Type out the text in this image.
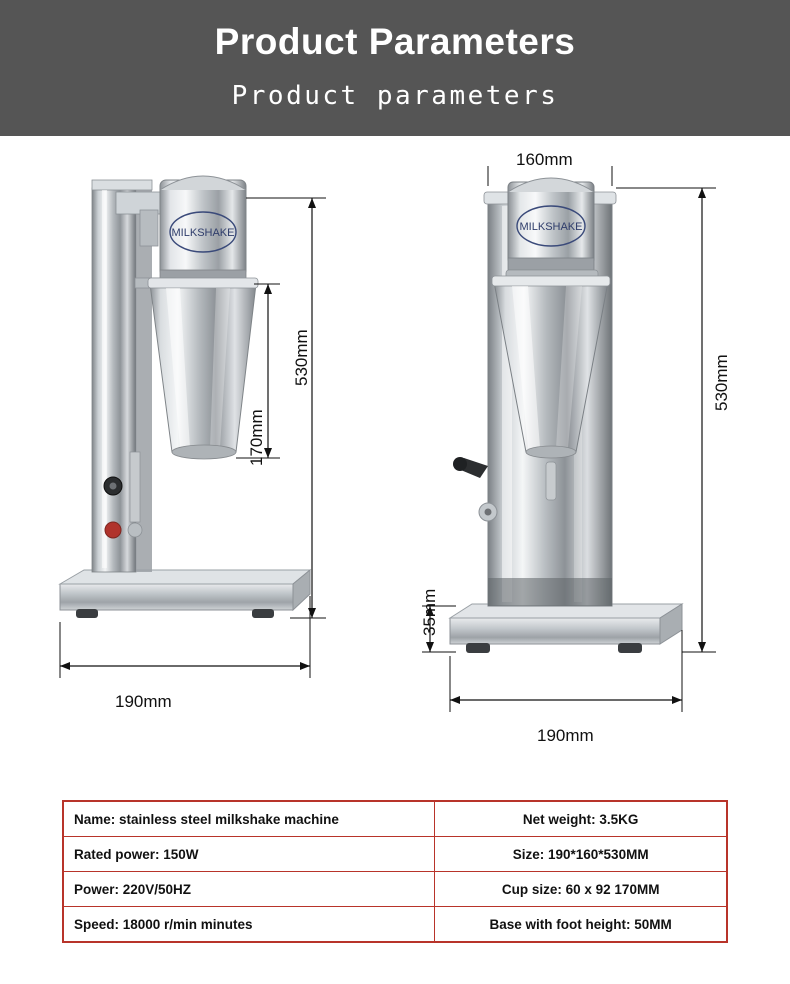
Product Parameters
Product parameters
MILKSHAKE
530mm
170mm
190mm
MILKSHAKE
160mm
530mm
35mm
190mm
Name: stainless steel milkshake machine	Net weight: 3.5KG
Rated power: 150W	Size: 190*160*530MM
Power: 220V/50HZ	Cup size: 60 x 92 170MM
Speed: 18000 r/min minutes	Base with foot height: 50MM
